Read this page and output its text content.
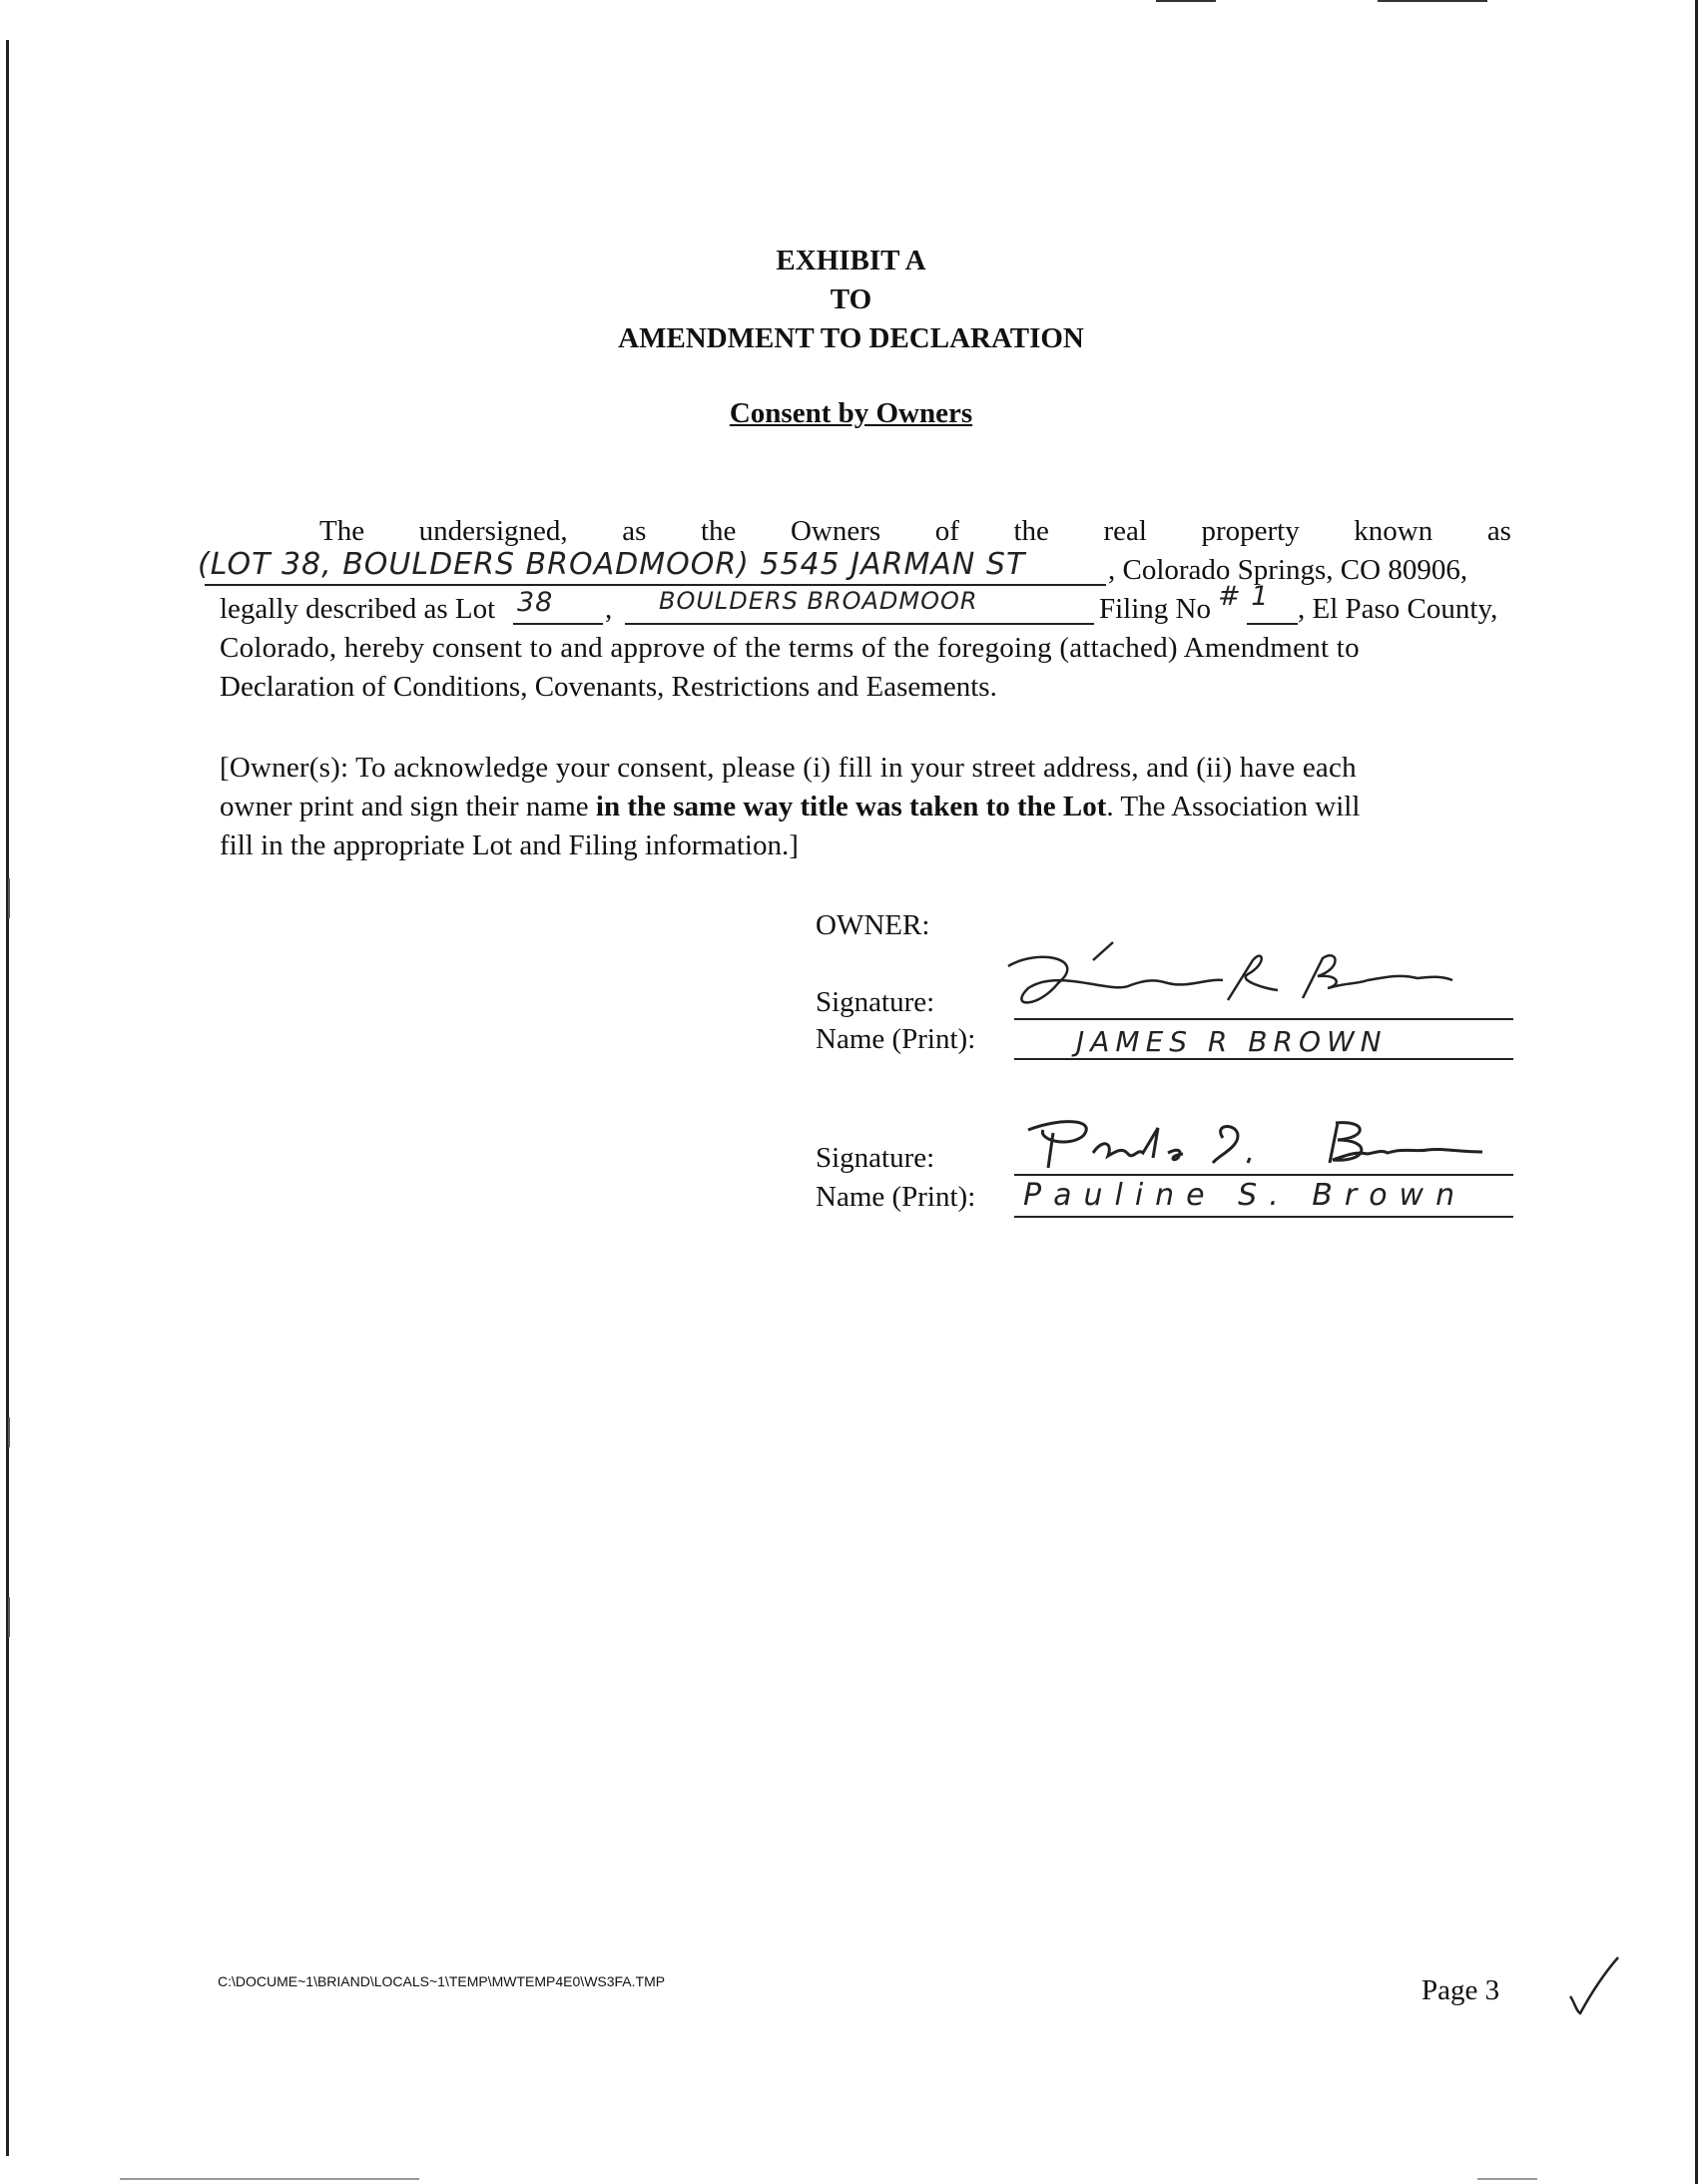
EXHIBIT A
TO
AMENDMENT TO DECLARATION
Consent by Owners
The undersigned, as the Owners of the real property known as
(LOT 38, BOULDERS BROADMOOR) 5545 JARMAN ST	, Colorado Springs, CO 80906,
legally described as Lot 38 , BOULDERS BROADMOOR	Filing No # 1 , El Paso County,
Colorado, hereby consent to and approve of the terms of the foregoing (attached) Amendment to
Declaration of Conditions, Covenants, Restrictions and Easements.
[Owner(s): To acknowledge your consent, please (i) fill in your street address, and (ii) have each
owner print and sign their name in the same way title was taken to the Lot. The Association will
fill in the appropriate Lot and Filing information.]
OWNER:
Signature:
Name (Print):	JAMES R BROWN
Signature:
Name (Print): Pauline S. Brown
C:\DOCUME~1\BRIAND\LOCALS~1\TEMP\MWTEMP4E0\WS3FA.TMP	Page 3
